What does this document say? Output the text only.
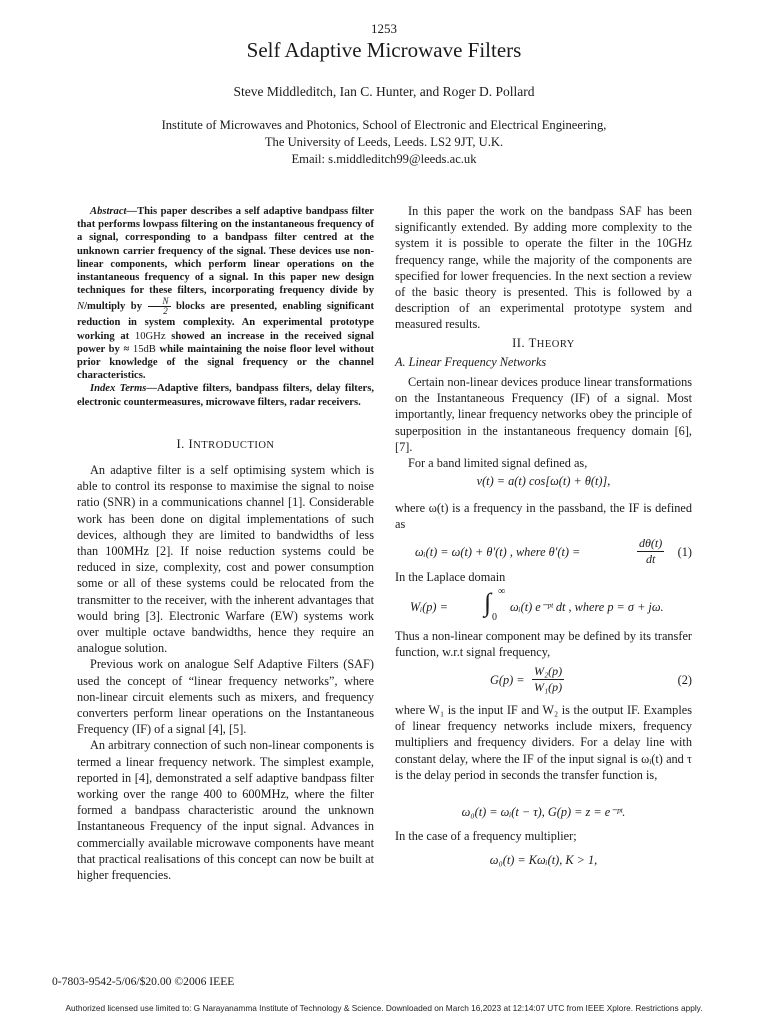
1253
Self Adaptive Microwave Filters
Steve Middleditch, Ian C. Hunter, and Roger D. Pollard
Institute of Microwaves and Photonics, School of Electronic and Electrical Engineering,
The University of Leeds, Leeds. LS2 9JT, U.K.
Email: s.middleditch99@leeds.ac.uk

Abstract—This paper describes a self adaptive bandpass filter that performs lowpass filtering on the instantaneous frequency of a signal, corresponding to a bandpass filter centred at the unknown carrier frequency of the signal. These devices use non-linear components, which perform linear operations on the instantaneous frequency of a signal. In this paper new design techniques for these filters, incorporating frequency divide by N/multiply by $\frac{N}{2}$ blocks are presented, enabling significant reduction in system complexity. An experimental prototype working at 10GHz showed an increase in the received signal power by ≈ 15dB while maintaining the noise floor level without prior knowledge of the signal frequency or the channel characteristics.

Index Terms—Adaptive filters, bandpass filters, delay filters, electronic countermeasures, microwave filters, radar receivers.

I. INTRODUCTION

An adaptive filter is a self optimising system which is able to control its response to maximise the signal to noise ratio (SNR) in a communications channel [1]. Considerable work has been done on digital implementations of such devices, although they are limited to bandwidths of less than 100MHz [2]. If noise reduction systems could be reduced in size, complexity, cost and power consumption some or all of these systems could be relocated from the transmitter to the receiver, with the inherent advantages that would bring [3]. Electronic Warfare (EW) systems work over multiple octave bandwidths, hence they require an analogue solution.

Previous work on analogue Self Adaptive Filters (SAF) used the concept of “linear frequency networks”, where non-linear circuit elements such as mixers, and frequency converters perform linear operations on the Instantaneous Frequency (IF) of a signal [4], [5].

An arbitrary connection of such non-linear components is termed a linear frequency network. The simplest example, reported in [4], demonstrated a self adaptive bandpass filter working over the range 400 to 600MHz, where the filter formed a bandpass characteristic around the unknown Instantaneous Frequency of the input signal. Advances in commercially available microwave components have meant that practical realisations of this concept can now be built at higher frequencies.

In this paper the work on the bandpass SAF has been significantly extended. By adding more complexity to the system it is possible to operate the filter in the 10GHz frequency range, while the majority of the components are specified for lower frequencies. In the next section a review of the basic theory is presented. This is followed by a description of an experimental prototype system and measured results.

II. THEORY
A. Linear Frequency Networks

Certain non-linear devices produce linear transformations on the Instantaneous Frequency (IF) of a signal. Most importantly, linear frequency networks obey the principle of superposition in the instantaneous frequency domain [6], [7].

For a band limited signal defined as,

v(t) = a(t) cos[ω(t) + θ(t)],
where ω(t) is a frequency in the passband, the IF is defined as
ωᵢ(t) = ω(t) + θ′(t) , where θ′(t) =	$\frac{d\theta(t)}{dt} (1)$
In the Laplace domain
Wᵢ(p) = ∫ ∞
0
ωᵢ(t) e⁻ᵖᵗ dt , where p = σ + jω.
Thus a non-linear component may be defined by its transfer function, w.r.t signal frequency,
$G(p) = \frac{\text{W₂(p)}}{\text{W₁(p)}}$	(2)
where W₁ is the input IF and W₂ is the output IF. Examples of linear frequency networks include mixers, frequency multipliers and frequency dividers. For a delay line with constant delay, where the IF of the input signal is ωᵢ(t) and τ is the delay period in seconds the transfer function is,
ω₀(t) = ωᵢ(t − τ), G(p) = z = e⁻ᵖᵗ.
In the case of a frequency multiplier;
ω₀(t) = Kωᵢ(t), K > 1,
0-7803-9542-5/06/$20.00 ©2006 IEEE
Authorized licensed use limited to: G Narayanamma Institute of Technology & Science. Downloaded on March 16,2023 at 12:14:07 UTC from IEEE Xplore. Restrictions apply.
